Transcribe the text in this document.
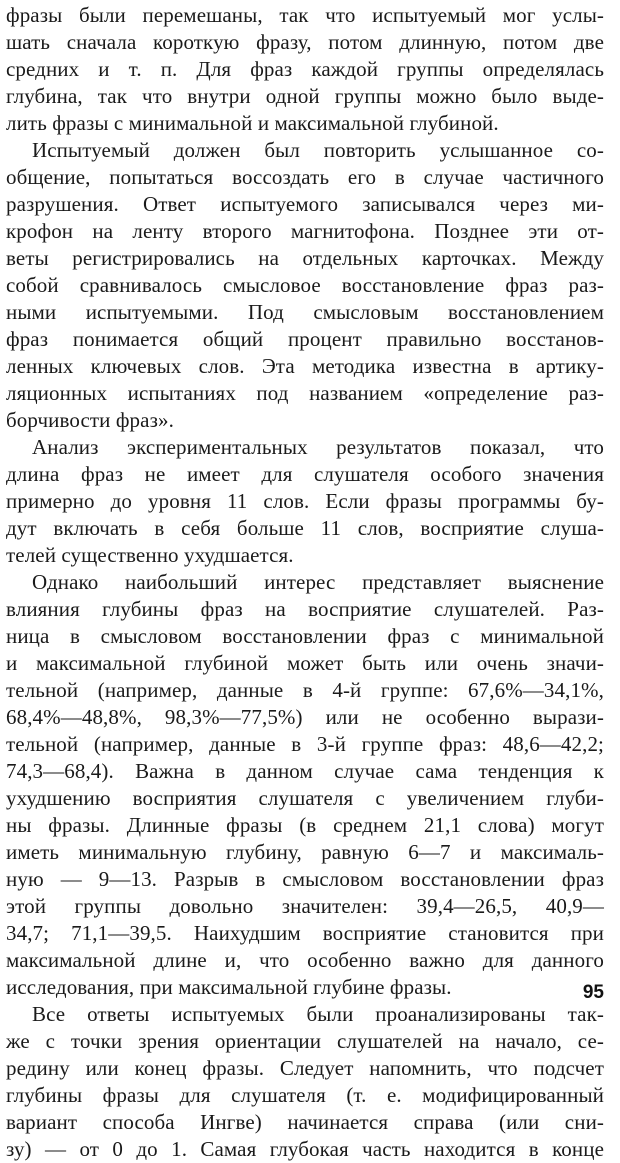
фразы были перемешаны, так что испытуемый мог услы-
шать сначала короткую фразу, потом длинную, потом две
средних и т. п. Для фраз каждой группы определялась
глубина, так что внутри одной группы можно было выде-
лить фразы с минимальной и максимальной глубиной.
Испытуемый должен был повторить услышанное со-
общение, попытаться воссоздать его в случае частичного
разрушения. Ответ испытуемого записывался через ми-
крофон на ленту второго магнитофона. Позднее эти от-
веты регистрировались на отдельных карточках. Между
собой сравнивалось смысловое восстановление фраз раз-
ными испытуемыми. Под смысловым восстановлением
фраз понимается общий процент правильно восстанов-
ленных ключевых слов. Эта методика известна в артику-
ляционных испытаниях под названием «определение раз-
борчивости фраз».
Анализ экспериментальных результатов показал, что
длина фраз не имеет для слушателя особого значения
примерно до уровня 11 слов. Если фразы программы бу-
дут включать в себя больше 11 слов, восприятие слуша-
телей существенно ухудшается.
Однако наибольший интерес представляет выяснение
влияния глубины фраз на восприятие слушателей. Раз-
ница в смысловом восстановлении фраз с минимальной
и максимальной глубиной может быть или очень значи-
тельной (например, данные в 4-й группе: 67,6%—34,1%,
68,4%—48,8%, 98,3%—77,5%) или не особенно вырази-
тельной (например, данные в 3-й группе фраз: 48,6—42,2;
74,3—68,4). Важна в данном случае сама тенденция к
ухудшению восприятия слушателя с увеличением глуби-
ны фразы. Длинные фразы (в среднем 21,1 слова) могут
иметь минимальную глубину, равную 6—7 и максималь-
ную — 9—13. Разрыв в смысловом восстановлении фраз
этой группы довольно значителен: 39,4—26,5, 40,9—
34,7; 71,1—39,5. Наихудшим восприятие становится при
максимальной длине и, что особенно важно для данного
исследования, при максимальной глубине фразы.
Все ответы испытуемых были проанализированы так-
же с точки зрения ориентации слушателей на начало, се-
редину или конец фразы. Следует напомнить, что подсчет
глубины фразы для слушателя (т. е. модифицированный
вариант способа Ингве) начинается справа (или сни-
зу) — от 0 до 1. Самая глубокая часть находится в конце
95
